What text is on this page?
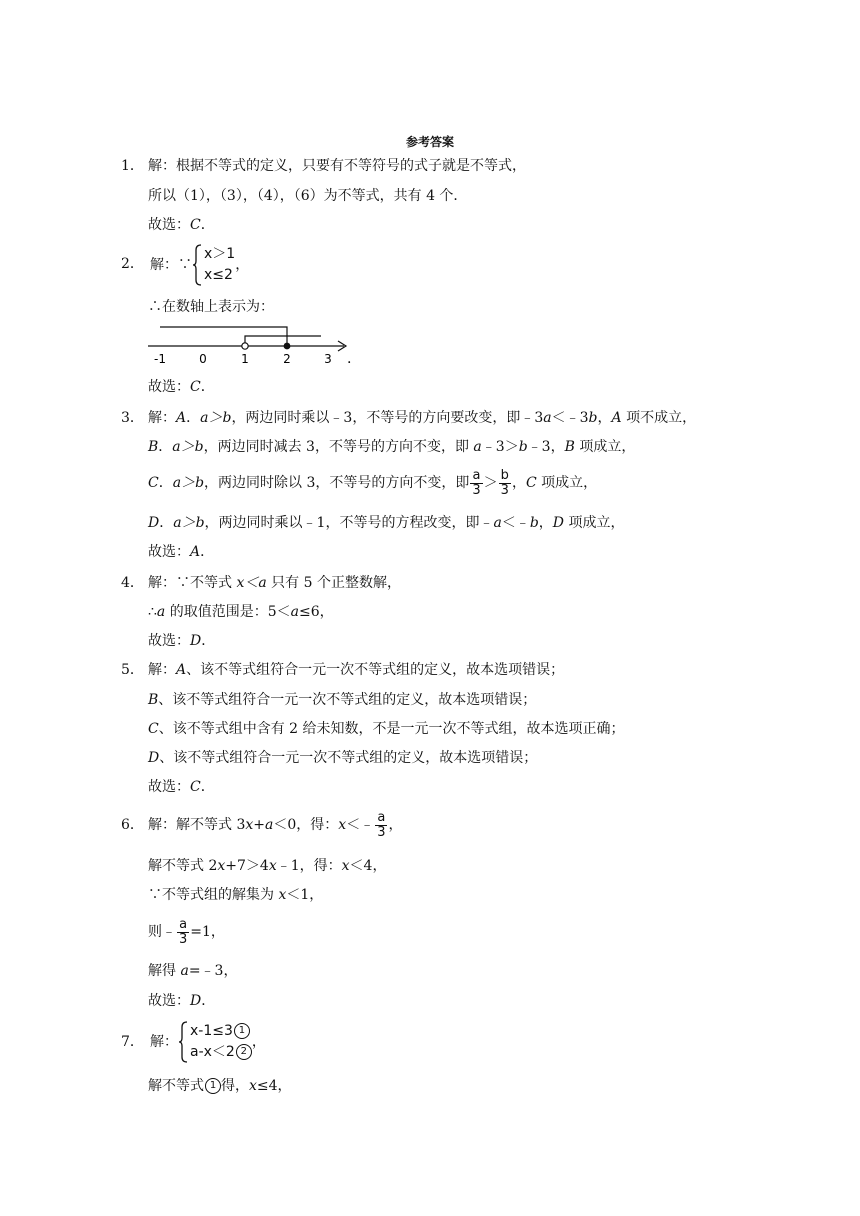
参考答案
1． 解：根据不等式的定义，只要有不等符号的式子就是不等式，
所以（1），（3），（4），（6）为不等式，共有 4 个．
故选：C．
2． 解：∵
x＞1
x≤2
，
∴在数轴上表示为：
-1	0	1	2	3 .
故选：C．
3． 解：A．a＞b，两边同时乘以﹣3，不等号的方向要改变，即﹣3a＜﹣3b，A 项不成立，
B．a＞b，两边同时减去 3，不等号的方向不变，即 a﹣3＞b﹣3，B 项成立，
C．a＞b，两边同时除以 3，不等号的方向不变，即 $\frac{a}{3} > \frac{b}{3}$ ，C 项成立，
D．a＞b，两边同时乘以﹣1，不等号的方程改变，即﹣a＜﹣b，D 项成立，
故选：A．
4． 解：∵不等式 x＜a 只有 5 个正整数解，
∴a 的取值范围是：5＜a≤6，
故选：D．
5． 解：A、该不等式组符合一元一次不等式组的定义，故本选项错误；
B、该不等式组符合一元一次不等式组的定义，故本选项错误；
C、该不等式组中含有 2 给未知数，不是一元一次不等式组，故本选项正确；
D、该不等式组符合一元一次不等式组的定义，故本选项错误；
故选：C．
6． 解：解不等式 3x+a＜0，得：x＜﹣ $\frac{a}{3}$ ，
解不等式 2x+7＞4x﹣1，得：x＜4，
∵不等式组的解集为 x＜1，
则﹣ $\frac{a}{3} =1$，
解得 a=﹣3，
故选：D．
7． 解：
x-1≤3 1
a-x＜2 2
，
解不等式 1 得，x≤4，
